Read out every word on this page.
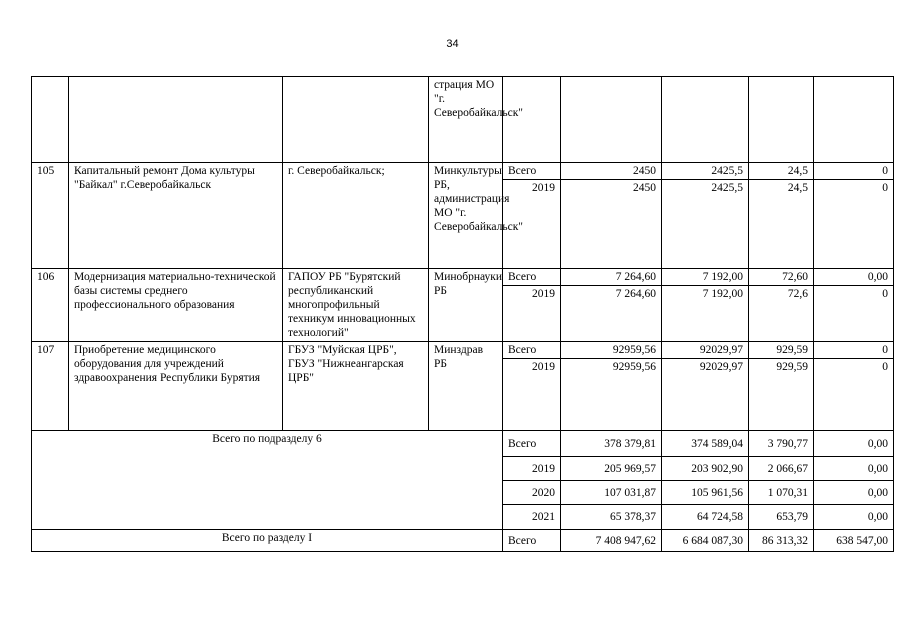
34
			страция МО "г. Северобайкальск"					
105	Капитальный ремонт Дома культуры "Байкал" г.Северобайкальск	г. Северобайкальск;	Минкультуры РБ, администрация МО "г. Северобайкальск"	Всего	2450	2425,5	24,5	0
				2019	2450	2425,5	24,5	0
106	Модернизация материально-технической базы системы среднего профессионального образования	ГАПОУ РБ "Бурятский республиканский многопрофильный техникум инновационных технологий"	Минобрнауки РБ	Всего	7 264,60	7 192,00	72,60	0,00
				2019	7 264,60	7 192,00	72,6	0
107	Приобретение медицинского оборудования для учреждений здравоохранения Республики Бурятия	ГБУЗ "Муйская ЦРБ", ГБУЗ "Нижнеангарская ЦРБ"	Минздрав РБ	Всего	92959,56	92029,97	929,59	0
				2019	92959,56	92029,97	929,59	0
Всего по подразделу 6				Всего	378 379,81	374 589,04	3 790,77	0,00
				2019	205 969,57	203 902,90	2 066,67	0,00
				2020	107 031,87	105 961,56	1 070,31	0,00
				2021	65 378,37	64 724,58	653,79	0,00
Всего по разделу I				Всего	7 408 947,62	6 684 087,30	86 313,32	638 547,00
